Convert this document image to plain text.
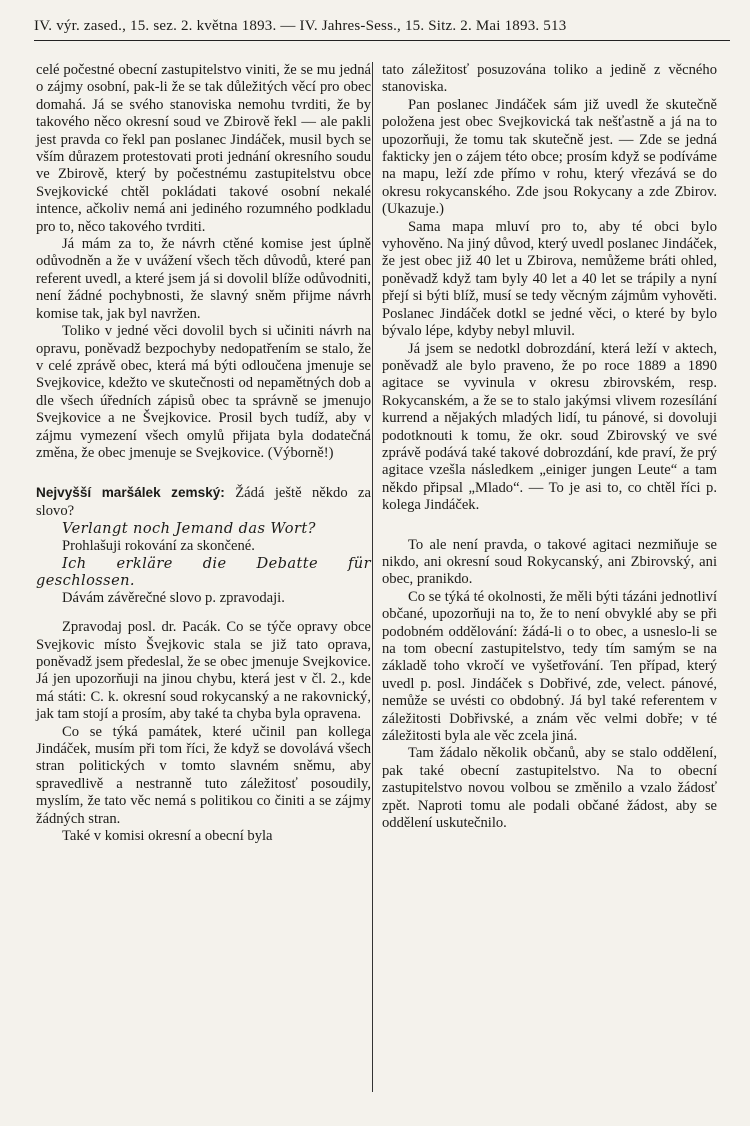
IV. výr. zased., 15. sez. 2. května 1893. — IV. Jahres-Sess., 15. Sitz. 2. Mai 1893. 513

celé počestné obecní zastupitelstvo viniti, že se mu jedná o zájmy osobní, pak-li že se tak důležitých věcí pro obec domahá. Já se svého stanoviska nemohu tvrditi, že by takového něco okresní soud ve Zbirově řekl — ale pakli jest pravda co řekl pan poslanec Jindáček, musil bych se vším důrazem protestovati proti jednání okresního soudu ve Zbirově, který by počestnému zastupitelstvu obce Svejkovické chtěl pokládati takové osobní nekalé intence, ačkoliv nemá ani jediného rozumného podkladu pro to, něco takového tvrditi.

Já mám za to, že návrh ctěné komise jest úplně odůvodněn a že v uvážení všech těch důvodů, které pan referent uvedl, a které jsem já si dovolil blíže odůvodniti, není žádné pochybnosti, že slavný sněm přijme návrh komise tak, jak byl navržen.

Toliko v jedné věci dovolil bych si učiniti návrh na opravu, poněvadž bezpochyby nedopatřením se stalo, že v celé zprávě obec, která má býti odloučena jmenuje se Svejkovice, kdežto ve skutečnosti od nepamětných dob a dle všech úředních zápisů obec ta správně se jmenujo Svejkovice a ne Švejkovice. Prosil bych tudíž, aby v zájmu vymezení všech omylů přijata byla dodatečná změna, že obec jmenuje se Svejkovice. (Výborně!)

Nejvyšší maršálek zemský: Žádá ještě někdo za slovo?

Verlangt noch Jemand das Wort?

Prohlašuji rokování za skončené.

Ich erkläre die Debatte für geschlossen.

Dávám závěrečné slovo p. zpravodaji.

Zpravodaj posl. dr. Pacák. Co se týče opravy obce Svejkovic místo Švejkovic stala se již tato oprava, poněvadž jsem předeslal, že se obec jmenuje Svejkovice. Já jen upozorňuji na jinou chybu, která jest v čl. 2., kde má státi: C. k. okresní soud rokycanský a ne rakovnický, jak tam stojí a prosím, aby také ta chyba byla opravena.

Co se týká památek, které učinil pan kollega Jindáček, musím při tom říci, že když se dovolává všech stran politických v tomto slavném sněmu, aby spravedlivě a nestranně tuto záležitosť posoudily, myslím, že tato věc nemá s politikou co činiti a se zájmy žádných stran.

Také v komisi okresní a obecní byla

tato záležitosť posuzována toliko a jedině z věcného stanoviska.

Pan poslanec Jindáček sám již uvedl že skutečně položena jest obec Svejkovická tak nešťastně a já na to upozorňuji, že tomu tak skutečně jest. — Zde se jedná fakticky jen o zájem této obce; prosím když se podíváme na mapu, leží zde přímo v rohu, který vřezává se do okresu rokycanského. Zde jsou Rokycany a zde Zbirov. (Ukazuje.)

Sama mapa mluví pro to, aby té obci bylo vyhověno. Na jiný důvod, který uvedl poslanec Jindáček, že jest obec již 40 let u Zbirova, nemůžeme bráti ohled, poněvadž když tam byly 40 let a 40 let se trápily a nyní přejí si býti blíž, musí se tedy věcným zájmům vyhověti. Poslanec Jindáček dotkl se jedné věci, o které by bylo bývalo lépe, kdyby nebyl mluvil.

Já jsem se nedotkl dobrozdání, která leží v aktech, poněvadž ale bylo praveno, že po roce 1889 a 1890 agitace se vyvinula v okresu zbirovském, resp. Rokycanském, a že se to stalo jakýmsi vlivem rozesílání kurrend a nějakých mladých lidí, tu pánové, si dovoluji podotknouti k tomu, že okr. soud Zbirovský ve své zprávě podává také takové dobrozdání, kde praví, že prý agitace vzešla následkem „einiger jungen Leute“ a tam někdo připsal „Mlado“. — To je asi to, co chtěl říci p. kolega Jindáček.

To ale není pravda, o takové agitaci nezmiňuje se nikdo, ani okresní soud Rokycanský, ani Zbirovský, ani obec, pranikdo.

Co se týká té okolnosti, že měli býti tázáni jednotliví občané, upozorňuji na to, že to není obvyklé aby se při podobném oddělování: žádá-li o to obec, a usneslo-li se na tom obecní zastupitelstvo, tedy tím samým se na základě toho vkročí ve vyšetřování. Ten případ, který uvedl p. posl. Jindáček s Dobřivé, zde, velect. pánové, nemůže se uvésti co obdobný. Já byl také referentem v záležitosti Dobřivské, a znám věc velmi dobře; v té záležitosti byla ale věc zcela jiná.

Tam žádalo několik občanů, aby se stalo oddělení, pak také obecní zastupitelstvo. Na to obecní zastupitelstvo novou volbou se změnilo a vzalo žádosť zpět. Naproti tomu ale podali občané žádost, aby se oddělení uskutečnilo.
